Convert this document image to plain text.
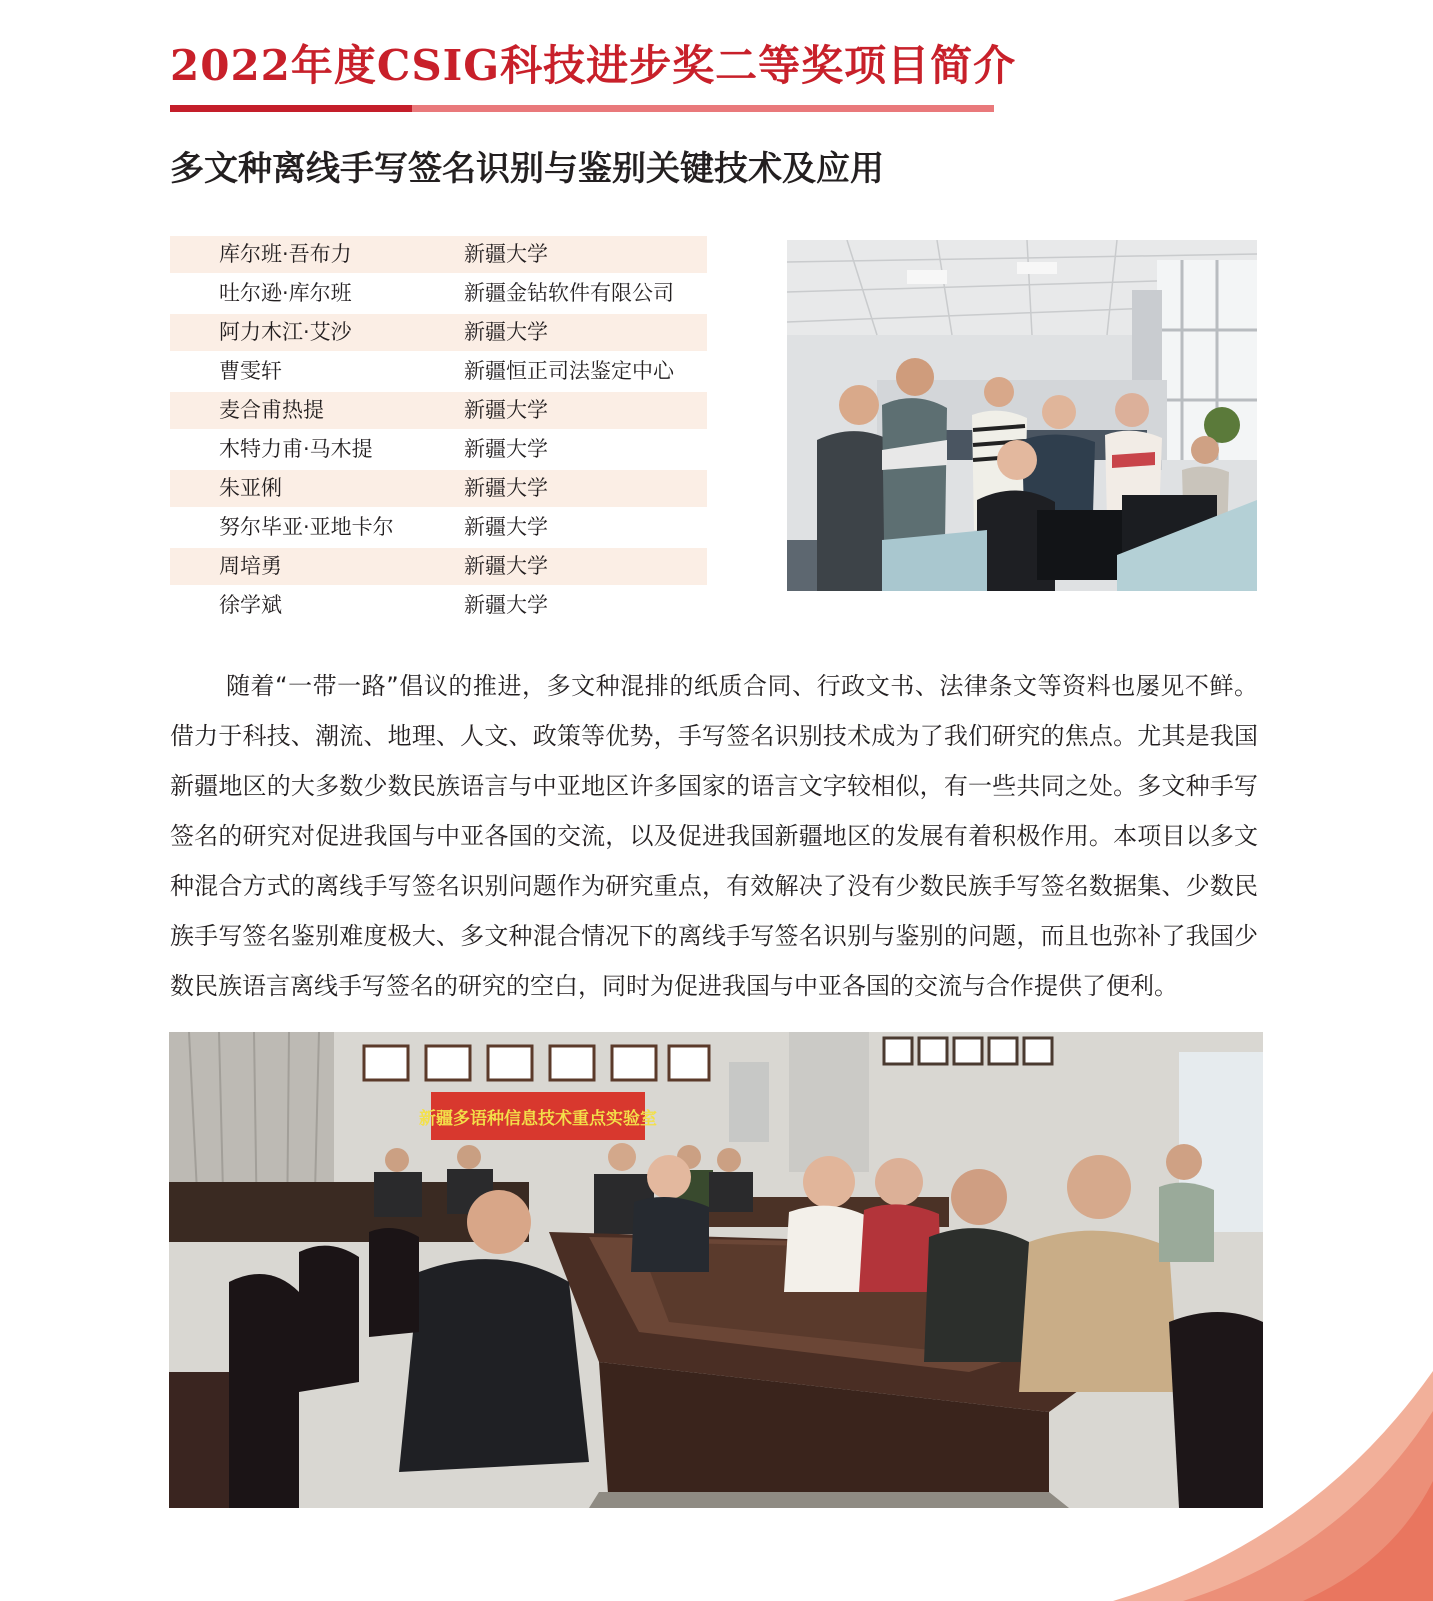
2022年度CSIG科技进步奖二等奖项目简介
多文种离线手写签名识别与鉴别关键技术及应用
库尔班·吾布力	新疆大学
吐尔逊·库尔班	新疆金钻软件有限公司
阿力木江·艾沙	新疆大学
曹雯轩	新疆恒正司法鉴定中心
麦合甫热提	新疆大学
木特力甫·马木提	新疆大学
朱亚俐	新疆大学
努尔毕亚·亚地卡尔	新疆大学
周培勇	新疆大学
徐学斌	新疆大学

随着“一带一路”倡议的推进，多文种混排的纸质合同、行政文书、法律条文等资料也屡见不鲜。借力于科技、潮流、地理、人文、政策等优势，手写签名识别技术成为了我们研究的焦点。尤其是我国新疆地区的大多数少数民族语言与中亚地区许多国家的语言文字较相似，有一些共同之处。多文种手写签名的研究对促进我国与中亚各国的交流，以及促进我国新疆地区的发展有着积极作用。本项目以多文种混合方式的离线手写签名识别问题作为研究重点，有效解决了没有少数民族手写签名数据集、少数民族手写签名鉴别难度极大、多文种混合情况下的离线手写签名识别与鉴别的问题，而且也弥补了我国少数民族语言离线手写签名的研究的空白，同时为促进我国与中亚各国的交流与合作提供了便利。

新疆多语种信息技术重点实验室
